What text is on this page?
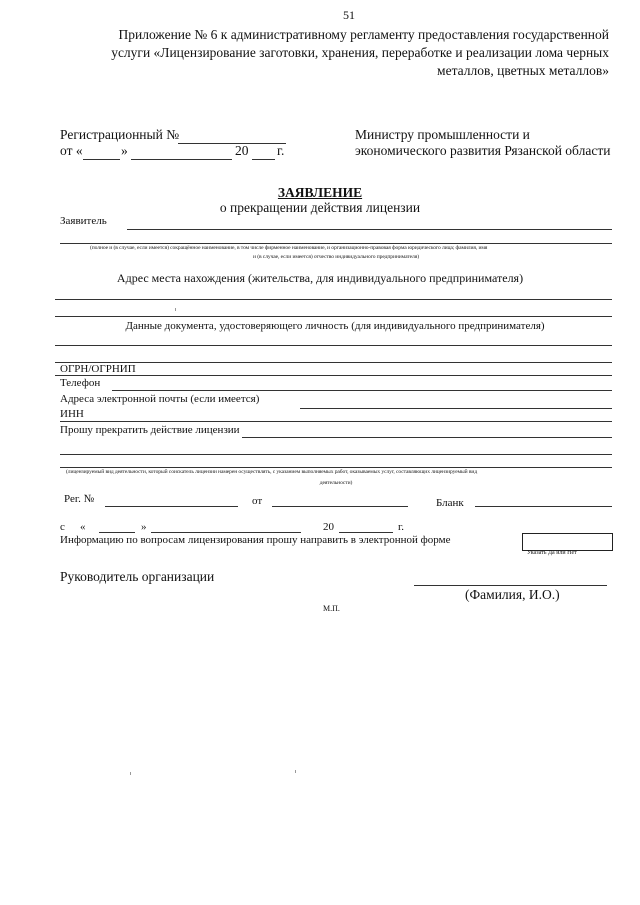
51
Приложение № 6 к административному регламенту предоставления государственной
услуги «Лицензирование заготовки, хранения, переработке и реализации лома черных
металлов, цветных металлов»
Регистрационный №
от «	»	20 г.
Министру промышленности и
экономического развития Рязанской области
ЗАЯВЛЕНИЕ
о прекращении действия лицензии
Заявитель
(полное и (в случае, если имеется) сокращённое наименование, в том числе фирменное наименование, и организационно-правовая форма юридического лица; фамилия, имя
и (в случае, если имеется) отчество индивидуального предпринимателя)
Адрес места нахождения (жительства, для индивидуального предпринимателя)
Данные документа, удостоверяющего личность (для индивидуального предпринимателя)
ОГРН/ОГРНИП
Телефон
Адреса электронной почты (если имеется)
ИНН
Прошу прекратить действие лицензии
(лицензируемый вид деятельности, который соискатель лицензии намерен осуществлять, с указанием выполняемых работ, оказываемых услуг, составляющих лицензируемый вид
деятельности)
Рег. №	от	Бланк
с «	»	20	г.
Информацию по вопросам лицензирования прошу направить в электронной форме
Указать Да или Нет
Руководитель организации
(Фамилия, И.О.)
М.П.
